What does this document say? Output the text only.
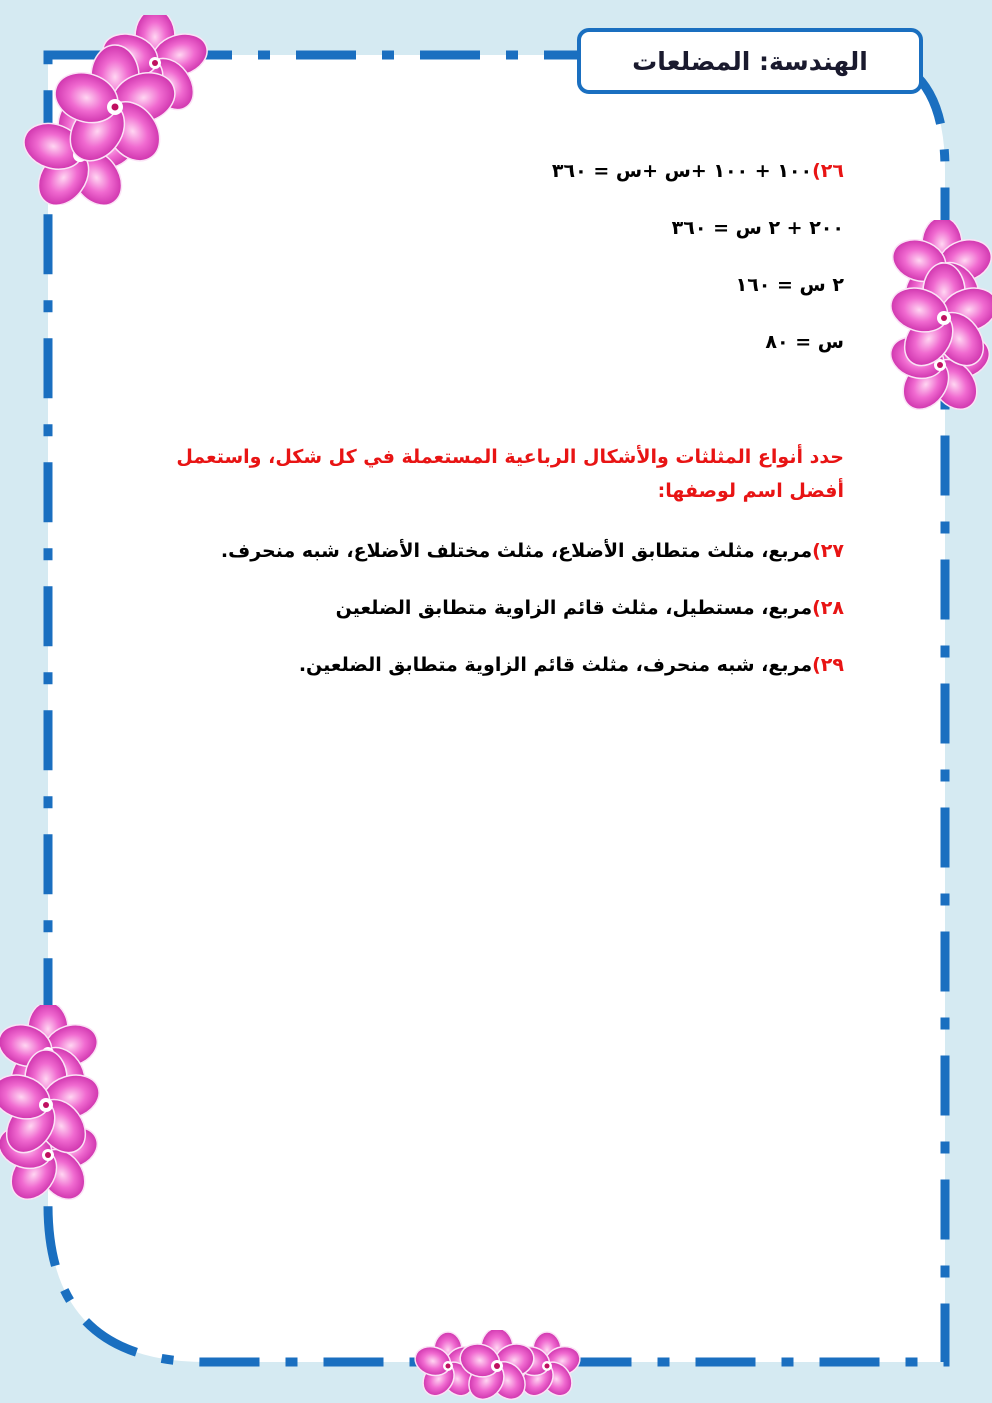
الهندسة: المضلعات

٢٦)١٠٠ + ١٠٠ +س +س = ٣٦٠

٢٠٠ + ٢ س = ٣٦٠

٢ س = ١٦٠

س = ٨٠

حدد أنواع المثلثات والأشكال الرباعية المستعملة في كل شكل، واستعمل
أفضل اسم لوصفها:
٢٧)مربع، مثلث متطابق الأضلاع، مثلث مختلف الأضلاع، شبه منحرف.
٢٨)مربع، مستطيل، مثلث قائم الزاوية متطابق الضلعين
٢٩)مربع، شبه منحرف، مثلث قائم الزاوية متطابق الضلعين.
